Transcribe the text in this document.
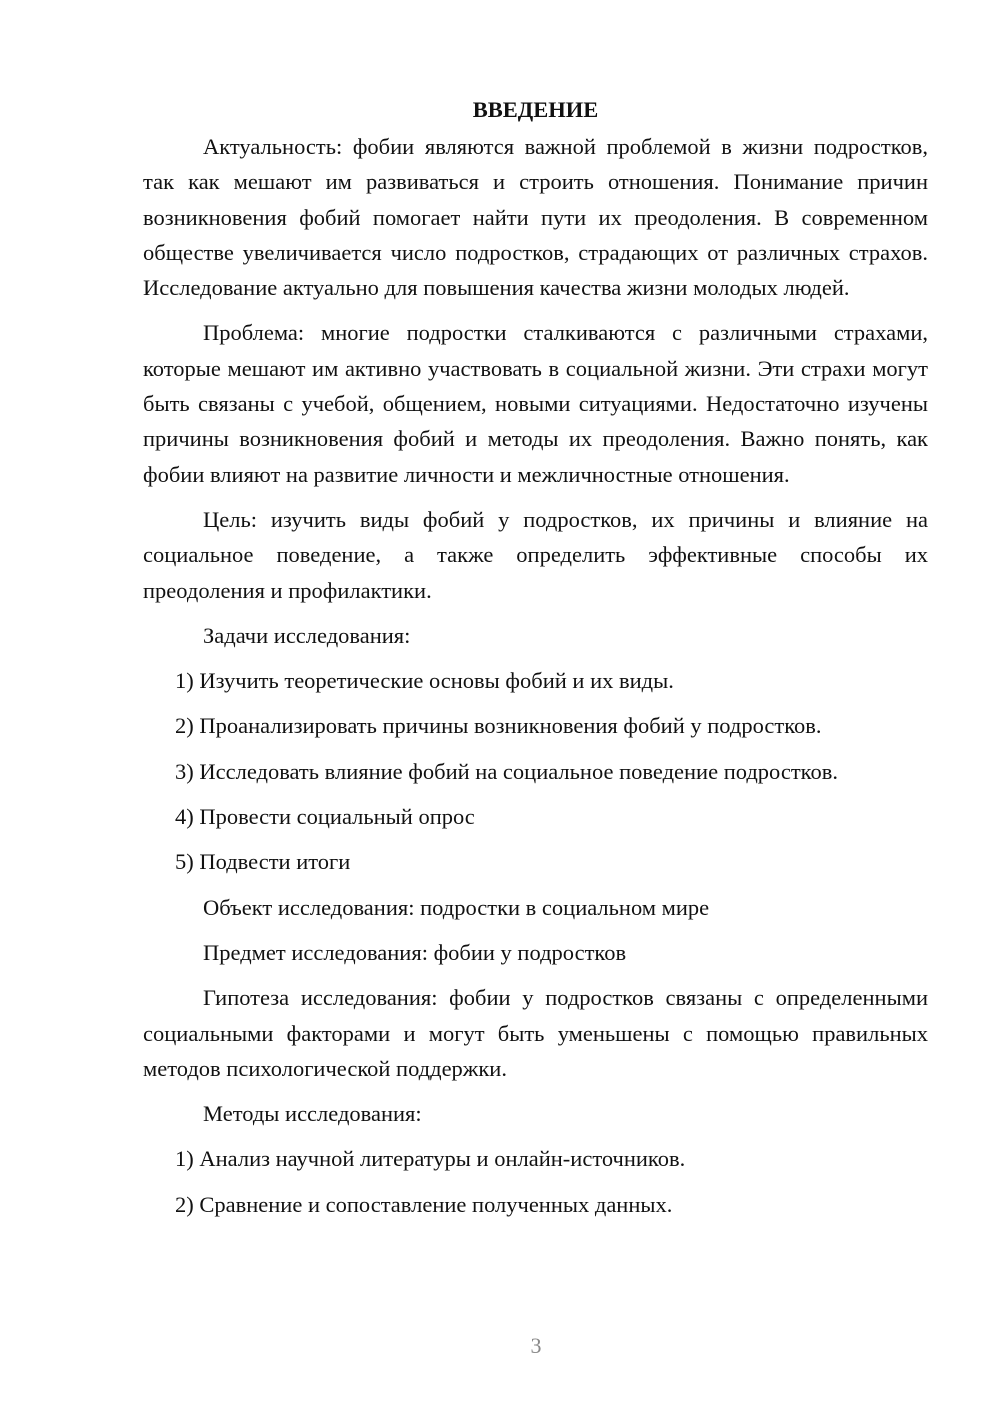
ВВЕДЕНИЕ

Актуальность: фобии являются важной проблемой в жизни подростков, так как мешают им развиваться и строить отношения. Понимание причин возникновения фобий помогает найти пути их преодоления. В современном обществе увеличивается число подростков, страдающих от различных страхов. Исследование актуально для повышения качества жизни молодых людей.

Проблема: многие подростки сталкиваются с различными страхами, которые мешают им активно участвовать в социальной жизни. Эти страхи могут быть связаны с учебой, общением, новыми ситуациями. Недостаточно изучены причины возникновения фобий и методы их преодоления. Важно понять, как фобии влияют на развитие личности и межличностные отношения.

Цель: изучить виды фобий у подростков, их причины и влияние на социальное поведение, а также определить эффективные способы их преодоления и профилактики.

Задачи исследования:

1) Изучить теоретические основы фобий и их виды.

2) Проанализировать причины возникновения фобий у подростков.

3) Исследовать влияние фобий на социальное поведение подростков.

4) Провести социальный опрос

5) Подвести итоги

Объект исследования: подростки в социальном мире

Предмет исследования: фобии у подростков

Гипотеза исследования: фобии у подростков связаны с определенными социальными факторами и могут быть уменьшены с помощью правильных методов психологической поддержки.

Методы исследования:

1) Анализ научной литературы и онлайн-источников.

2) Сравнение и сопоставление полученных данных.

3
